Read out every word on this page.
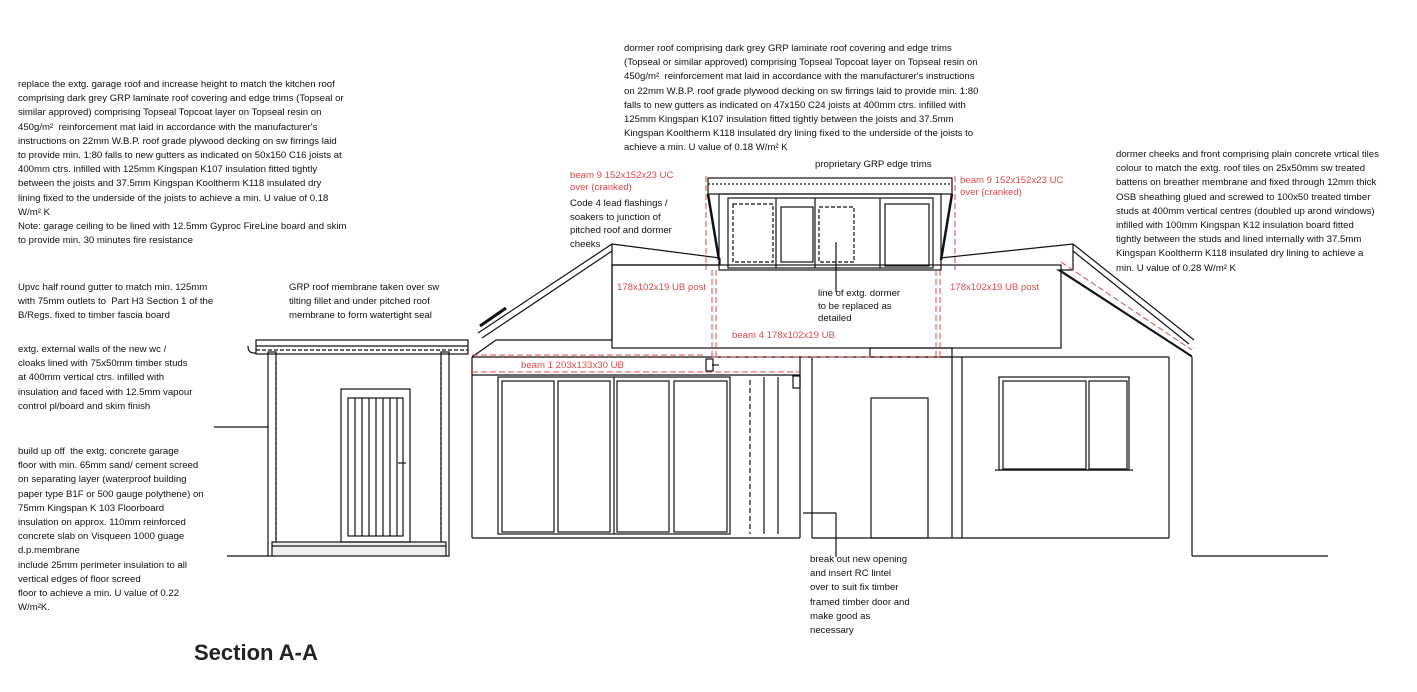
replace the extg. garage roof and increase height to match the kitchen roof
comprising dark grey GRP laminate roof covering and edge trims (Topseal or
similar approved) comprising Topseal Topcoat layer on Topseal resin on
450g/m²  reinforcement mat laid in accordance with the manufacturer's
instructions on 22mm W.B.P. roof grade plywood decking on sw firrings laid
to provide min. 1:80 falls to new gutters as indicated on 50x150 C16 joists at
400mm ctrs. infilled with 125mm Kingspan K107 insulation fitted tightly
between the joists and 37.5mm Kingspan Kooltherm K118 insulated dry
lining fixed to the underside of the joists to achieve a min. U value of 0.18
W/m² K
Note: garage ceiling to be lined with 12.5mm Gyproc FireLine board and skim
to provide min. 30 minutes fire resistance
dormer roof comprising dark grey GRP laminate roof covering and edge trims
(Topseal or similar approved) comprising Topseal Topcoat layer on Topseal resin on
450g/m²  reinforcement mat laid in accordance with the manufacturer's instructions
on 22mm W.B.P. roof grade plywood decking on sw firrings laid to provide min. 1:80
falls to new gutters as indicated on 47x150 C24 joists at 400mm ctrs. infilled with
125mm Kingspan K107 insulation fitted tightly between the joists and 37.5mm
Kingspan Kooltherm K118 insulated dry lining fixed to the underside of the joists to
achieve a min. U value of 0.18 W/m² K
dormer cheeks and front comprising plain concrete vrtical tiles
colour to match the extg. roof tiles on 25x50mm sw treated
battens on breather membrane and fixed through 12mm thick
OSB sheathing glued and screwed to 100x50 treated timber
studs at 400mm vertical centres (doubled up arond windows)
infilled with 100mm Kingspan K12 insulation board fitted
tightly between the studs and lined internally with 37.5mm
Kingspan Kooltherm K118 insulated dry lining to achieve a
min. U value of 0.28 W/m² K
Upvc half round gutter to match min. 125mm
with 75mm outlets to  Part H3 Section 1 of the
B/Regs. fixed to timber fascia board
GRP roof membrane taken over sw
tilting fillet and under pitched roof
membrane to form watertight seal
extg. external walls of the new wc /
cloaks lined with 75x50mm timber studs
at 400mm vertical ctrs. infilled with
insulation and faced with 12.5mm vapour
control pl/board and skim finish
build up off  the extg. concrete garage
floor with min. 65mm sand/ cement screed
on separating layer (waterproof building
paper type B1F or 500 gauge polythene) on
75mm Kingspan K 103 Floorboard
insulation on approx. 110mm reinforced
concrete slab on Visqueen 1000 guage
d.p.membrane
include 25mm perimeter insulation to all
vertical edges of floor screed
floor to achieve a min. U value of 0.22
W/m²K.
Code 4 lead flashings /
soakers to junction of
pitched roof and dormer
cheeks
proprietary GRP edge trims
line of extg. dormer
to be replaced as
detailed
break out new opening
and insert RC lintel
over to suit fix timber
framed timber door and
make good as
necessary
beam 9 152x152x23 UC
over (cranked)
beam 9 152x152x23 UC
over (cranked)
178x102x19 UB post	178x102x19 UB post
beam 4 178x102x19 UB
beam 1 203x133x30 UB
Section A-A
